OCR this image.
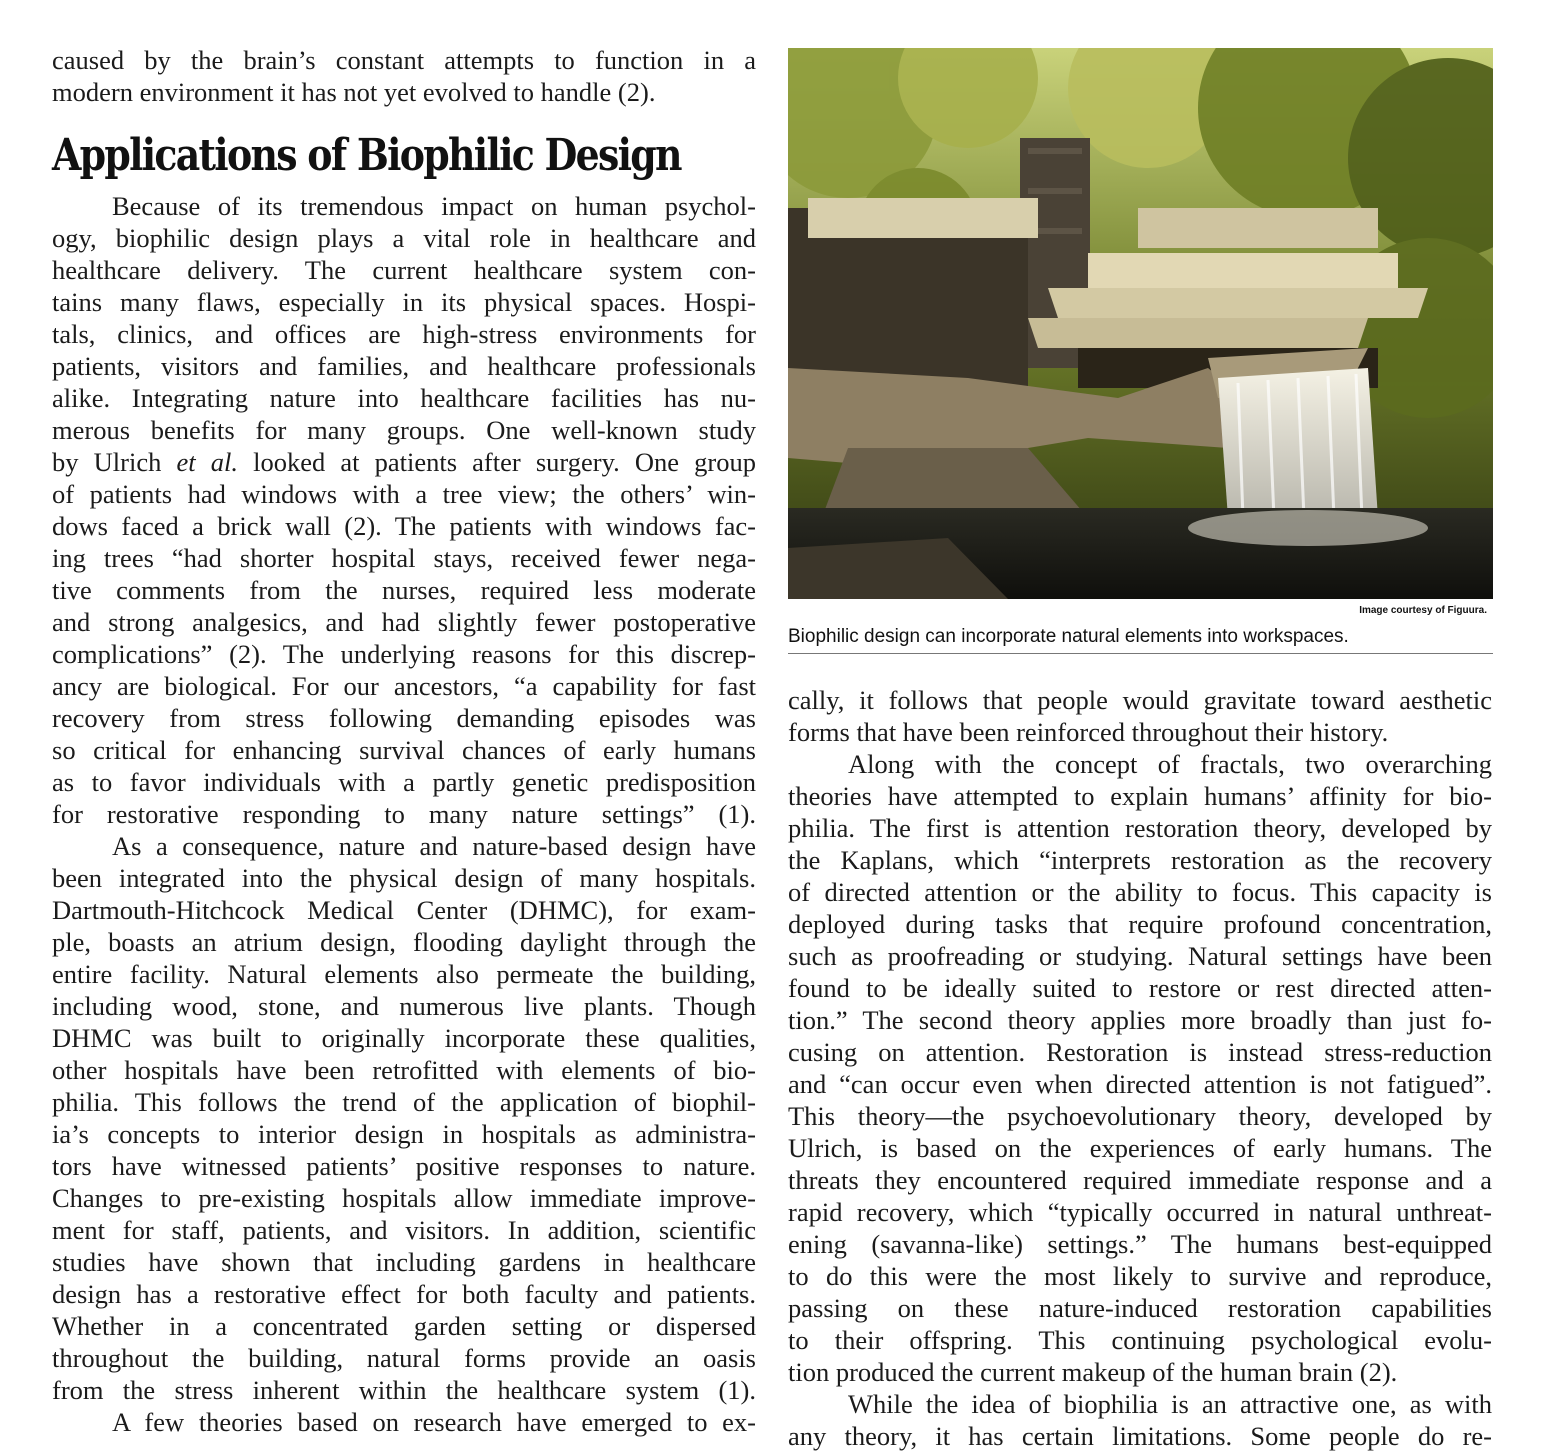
caused by the brain’s constant attempts to function in a
modern environment it has not yet evolved to handle (2).
Applications of Biophilic Design
Because of its tremendous impact on human psychol-
ogy, biophilic design plays a vital role in healthcare and
healthcare delivery. The current healthcare system con-
tains many flaws, especially in its physical spaces. Hospi-
tals, clinics, and offices are high-stress environments for
patients, visitors and families, and healthcare professionals
alike. Integrating nature into healthcare facilities has nu-
merous benefits for many groups. One well-known study
by Ulrich et al. looked at patients after surgery. One group
of patients had windows with a tree view; the others’ win-
dows faced a brick wall (2). The patients with windows fac-
ing trees “had shorter hospital stays, received fewer nega-
tive comments from the nurses, required less moderate
and strong analgesics, and had slightly fewer postoperative
complications” (2). The underlying reasons for this discrep-
ancy are biological. For our ancestors, “a capability for fast
recovery from stress following demanding episodes was
so critical for enhancing survival chances of early humans
as to favor individuals with a partly genetic predisposition
for restorative responding to many nature settings” (1).
As a consequence, nature and nature-based design have
been integrated into the physical design of many hospitals.
Dartmouth-Hitchcock Medical Center (DHMC), for exam-
ple, boasts an atrium design, flooding daylight through the
entire facility. Natural elements also permeate the building,
including wood, stone, and numerous live plants. Though
DHMC was built to originally incorporate these qualities,
other hospitals have been retrofitted with elements of bio-
philia. This follows the trend of the application of biophil-
ia’s concepts to interior design in hospitals as administra-
tors have witnessed patients’ positive responses to nature.
Changes to pre-existing hospitals allow immediate improve-
ment for staff, patients, and visitors. In addition, scientific
studies have shown that including gardens in healthcare
design has a restorative effect for both faculty and patients.
Whether in a concentrated garden setting or dispersed
throughout the building, natural forms provide an oasis
from the stress inherent within the healthcare system (1).
A few theories based on research have emerged to ex-
Image courtesy of Figuura.
Biophilic design can incorporate natural elements into workspaces.
cally, it follows that people would gravitate toward aesthetic
forms that have been reinforced throughout their history.
Along with the concept of fractals, two overarching
theories have attempted to explain humans’ affinity for bio-
philia. The first is attention restoration theory, developed by
the Kaplans, which “interprets restoration as the recovery
of directed attention or the ability to focus. This capacity is
deployed during tasks that require profound concentration,
such as proofreading or studying. Natural settings have been
found to be ideally suited to restore or rest directed atten-
tion.” The second theory applies more broadly than just fo-
cusing on attention. Restoration is instead stress-reduction
and “can occur even when directed attention is not fatigued”.
This theory—the psychoevolutionary theory, developed by
Ulrich, is based on the experiences of early humans. The
threats they encountered required immediate response and a
rapid recovery, which “typically occurred in natural unthreat-
ening (savanna-like) settings.” The humans best-equipped
to do this were the most likely to survive and reproduce,
passing on these nature-induced restoration capabilities
to their offspring. This continuing psychological evolu-
tion produced the current makeup of the human brain (2).
While the idea of biophilia is an attractive one, as with
any theory, it has certain limitations. Some people do re-
